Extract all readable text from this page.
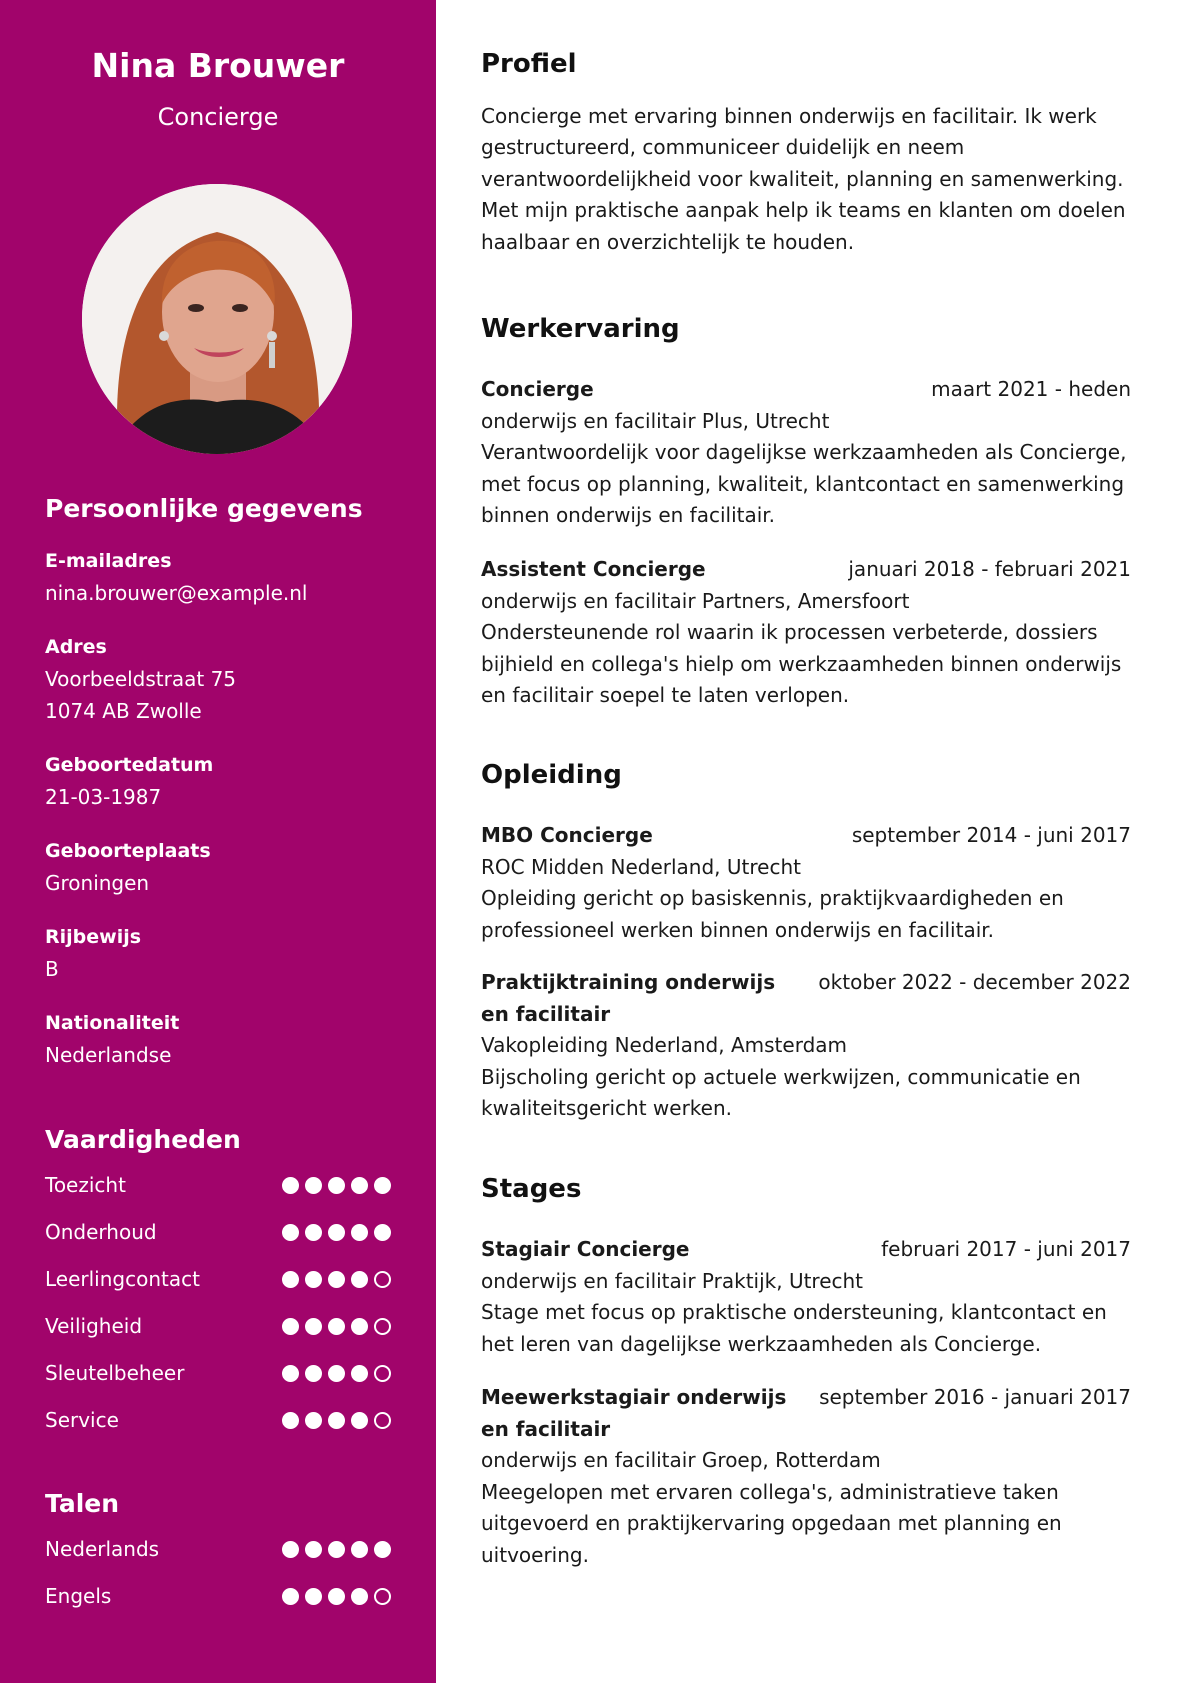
Nina Brouwer
Concierge
Persoonlijke gegevens
E-mailadres
nina.brouwer@example.nl
Adres
Voorbeeldstraat 75
1074 AB Zwolle
Geboortedatum
21-03-1987
Geboorteplaats
Groningen
Rijbewijs
B
Nationaliteit
Nederlandse
Vaardigheden
Toezicht
Onderhoud
Leerlingcontact
Veiligheid
Sleutelbeheer
Service
Talen
Nederlands
Engels
Profiel

Concierge met ervaring binnen onderwijs en facilitair. Ik werk gestructureerd, communiceer duidelijk en neem verantwoordelijkheid voor kwaliteit, planning en samenwerking. Met mijn praktische aanpak help ik teams en klanten om doelen haalbaar en overzichtelijk te houden.

Werkervaring
Concierge	maart 2021 - heden
onderwijs en facilitair Plus, Utrecht
Verantwoordelijk voor dagelijkse werkzaamheden als Concierge, met focus op planning, kwaliteit, klantcontact en samenwerking binnen onderwijs en facilitair.
Assistent Concierge	januari 2018 - februari 2021
onderwijs en facilitair Partners, Amersfoort
Ondersteunende rol waarin ik processen verbeterde, dossiers bijhield en collega's hielp om werkzaamheden binnen onderwijs en facilitair soepel te laten verlopen.
Opleiding
MBO Concierge	september 2014 - juni 2017
ROC Midden Nederland, Utrecht
Opleiding gericht op basiskennis, praktijkvaardigheden en professioneel werken binnen onderwijs en facilitair.
Praktijktraining onderwijs en facilitair
oktober 2022 - december 2022
Vakopleiding Nederland, Amsterdam
Bijscholing gericht op actuele werkwijzen, communicatie en kwaliteitsgericht werken.
Stages
Stagiair Concierge	februari 2017 - juni 2017
onderwijs en facilitair Praktijk, Utrecht
Stage met focus op praktische ondersteuning, klantcontact en het leren van dagelijkse werkzaamheden als Concierge.
Meewerkstagiair onderwijs en facilitair
september 2016 - januari 2017
onderwijs en facilitair Groep, Rotterdam
Meegelopen met ervaren collega's, administratieve taken uitgevoerd en praktijkervaring opgedaan met planning en uitvoering.
